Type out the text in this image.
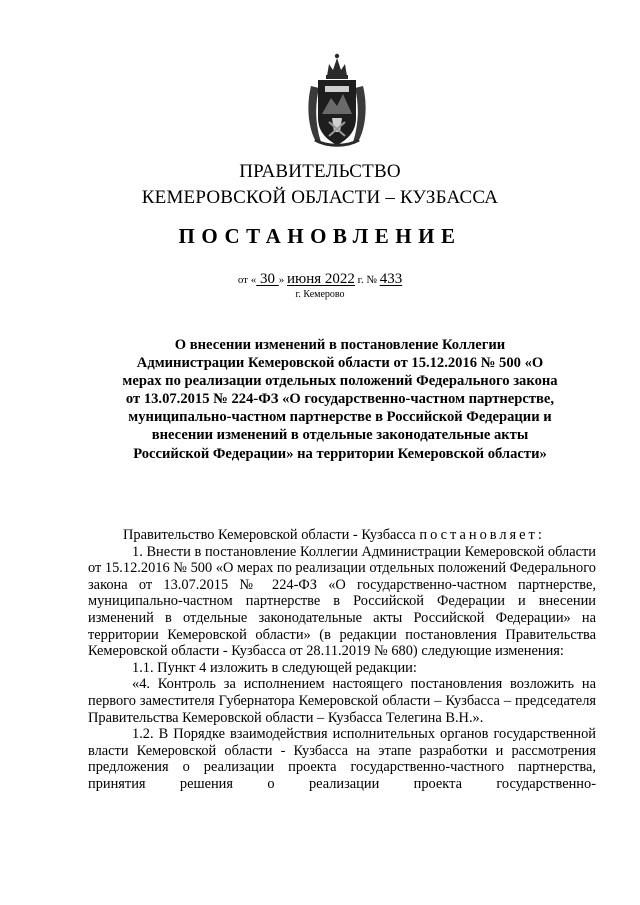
ПРАВИТЕЛЬСТВО
КЕМЕРОВСКОЙ ОБЛАСТИ – КУЗБАССА
ПОСТАНОВЛЕНИЕ
от « 30 » июня 2022 г. № 433
г. Кемерово
О внесении изменений в постановление Коллегии Администрации Кемеровской области от 15.12.2016 № 500 «О мерах по реализации отдельных положений Федерального закона от 13.07.2015 № 224-ФЗ «О государственно-частном партнерстве, муниципально-частном партнерстве в Российской Федерации и внесении изменений в отдельные законодательные акты Российской Федерации» на территории Кемеровской области»

Правительство Кемеровской области - Кузбасса постановляет:

1. Внести в постановление Коллегии Администрации Кемеровской области от 15.12.2016 № 500 «О мерах по реализации отдельных положений Федерального закона от 13.07.2015 № 224-ФЗ «О государственно-частном партнерстве, муниципально-частном партнерстве в Российской Федерации и внесении изменений в отдельные законодательные акты Российской Федерации» на территории Кемеровской области» (в редакции постановления Правительства Кемеровской области - Кузбасса от 28.11.2019 № 680) следующие изменения:

1.1. Пункт 4 изложить в следующей редакции:

«4. Контроль за исполнением настоящего постановления возложить на первого заместителя Губернатора Кемеровской области – Кузбасса – председателя Правительства Кемеровской области – Кузбасса Телегина В.Н.».

1.2. В Порядке взаимодействия исполнительных органов государственной власти Кемеровской области - Кузбасса на этапе разработки и рассмотрения предложения о реализации проекта государственно-частного партнерства, принятия решения о реализации проекта государственно-
